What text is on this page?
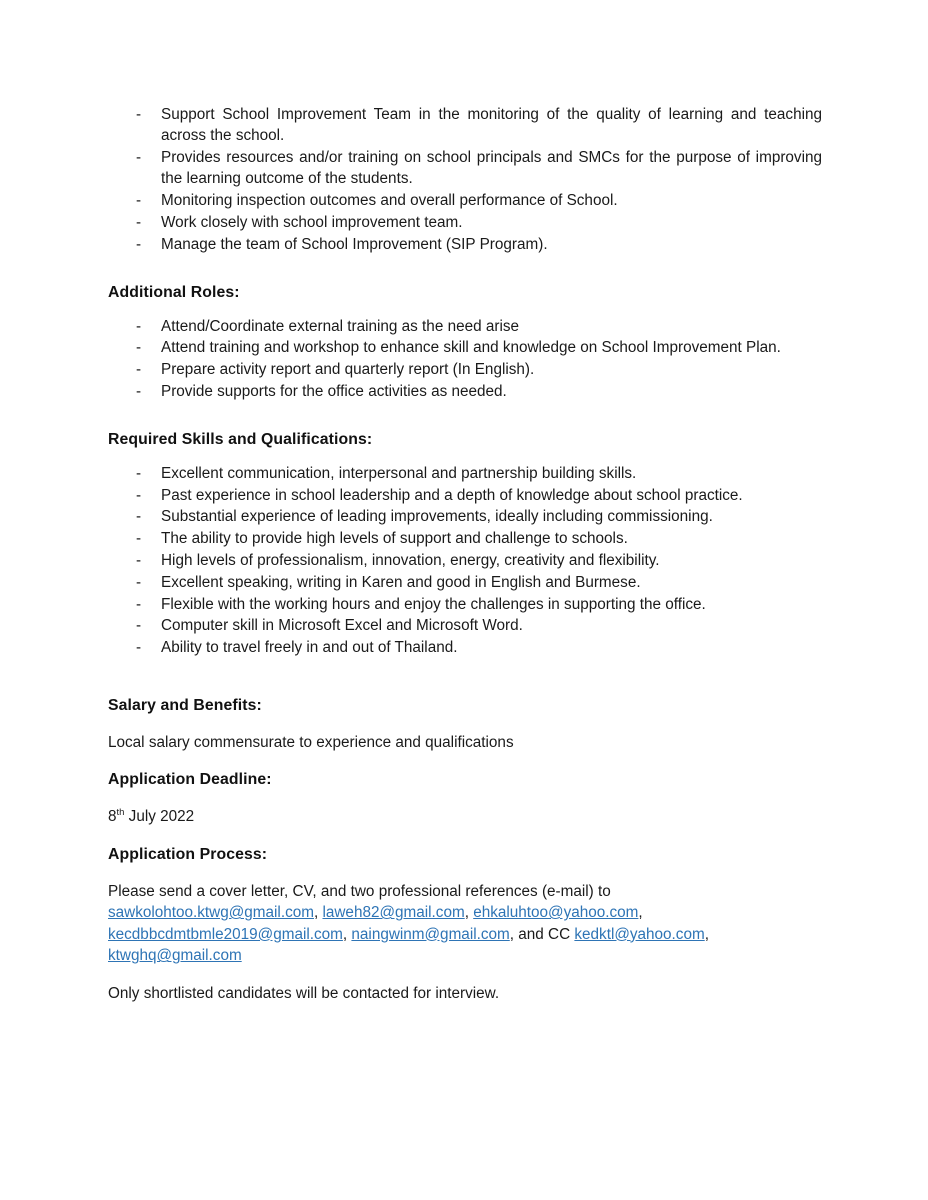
- Support School Improvement Team in the monitoring of the quality of learning and teaching across the school.
- Provides resources and/or training on school principals and SMCs for the purpose of improving the learning outcome of the students.
- Monitoring inspection outcomes and overall performance of School.
- Work closely with school improvement team.
- Manage the team of School Improvement (SIP Program).
Additional Roles:
- Attend/Coordinate external training as the need arise
- Attend training and workshop to enhance skill and knowledge on School Improvement Plan.
- Prepare activity report and quarterly report (In English).
- Provide supports for the office activities as needed.
Required Skills and Qualifications:
- Excellent communication, interpersonal and partnership building skills.
- Past experience in school leadership and a depth of knowledge about school practice.
- Substantial experience of leading improvements, ideally including commissioning.
- The ability to provide high levels of support and challenge to schools.
- High levels of professionalism, innovation, energy, creativity and flexibility.
- Excellent speaking, writing in Karen and good in English and Burmese.
- Flexible with the working hours and enjoy the challenges in supporting the office.
- Computer skill in Microsoft Excel and Microsoft Word.
- Ability to travel freely in and out of Thailand.
Salary and Benefits:

Local salary commensurate to experience and qualifications

Application Deadline:

8th July 2022

Application Process:

Please send a cover letter, CV, and two professional references (e-mail) to sawkolohtoo.ktwg@gmail.com, laweh82@gmail.com, ehkaluhtoo@yahoo.com, kecdbbcdmtbmle2019@gmail.com, naingwinm@gmail.com, and CC kedktl@yahoo.com, ktwghq@gmail.com

Only shortlisted candidates will be contacted for interview.
